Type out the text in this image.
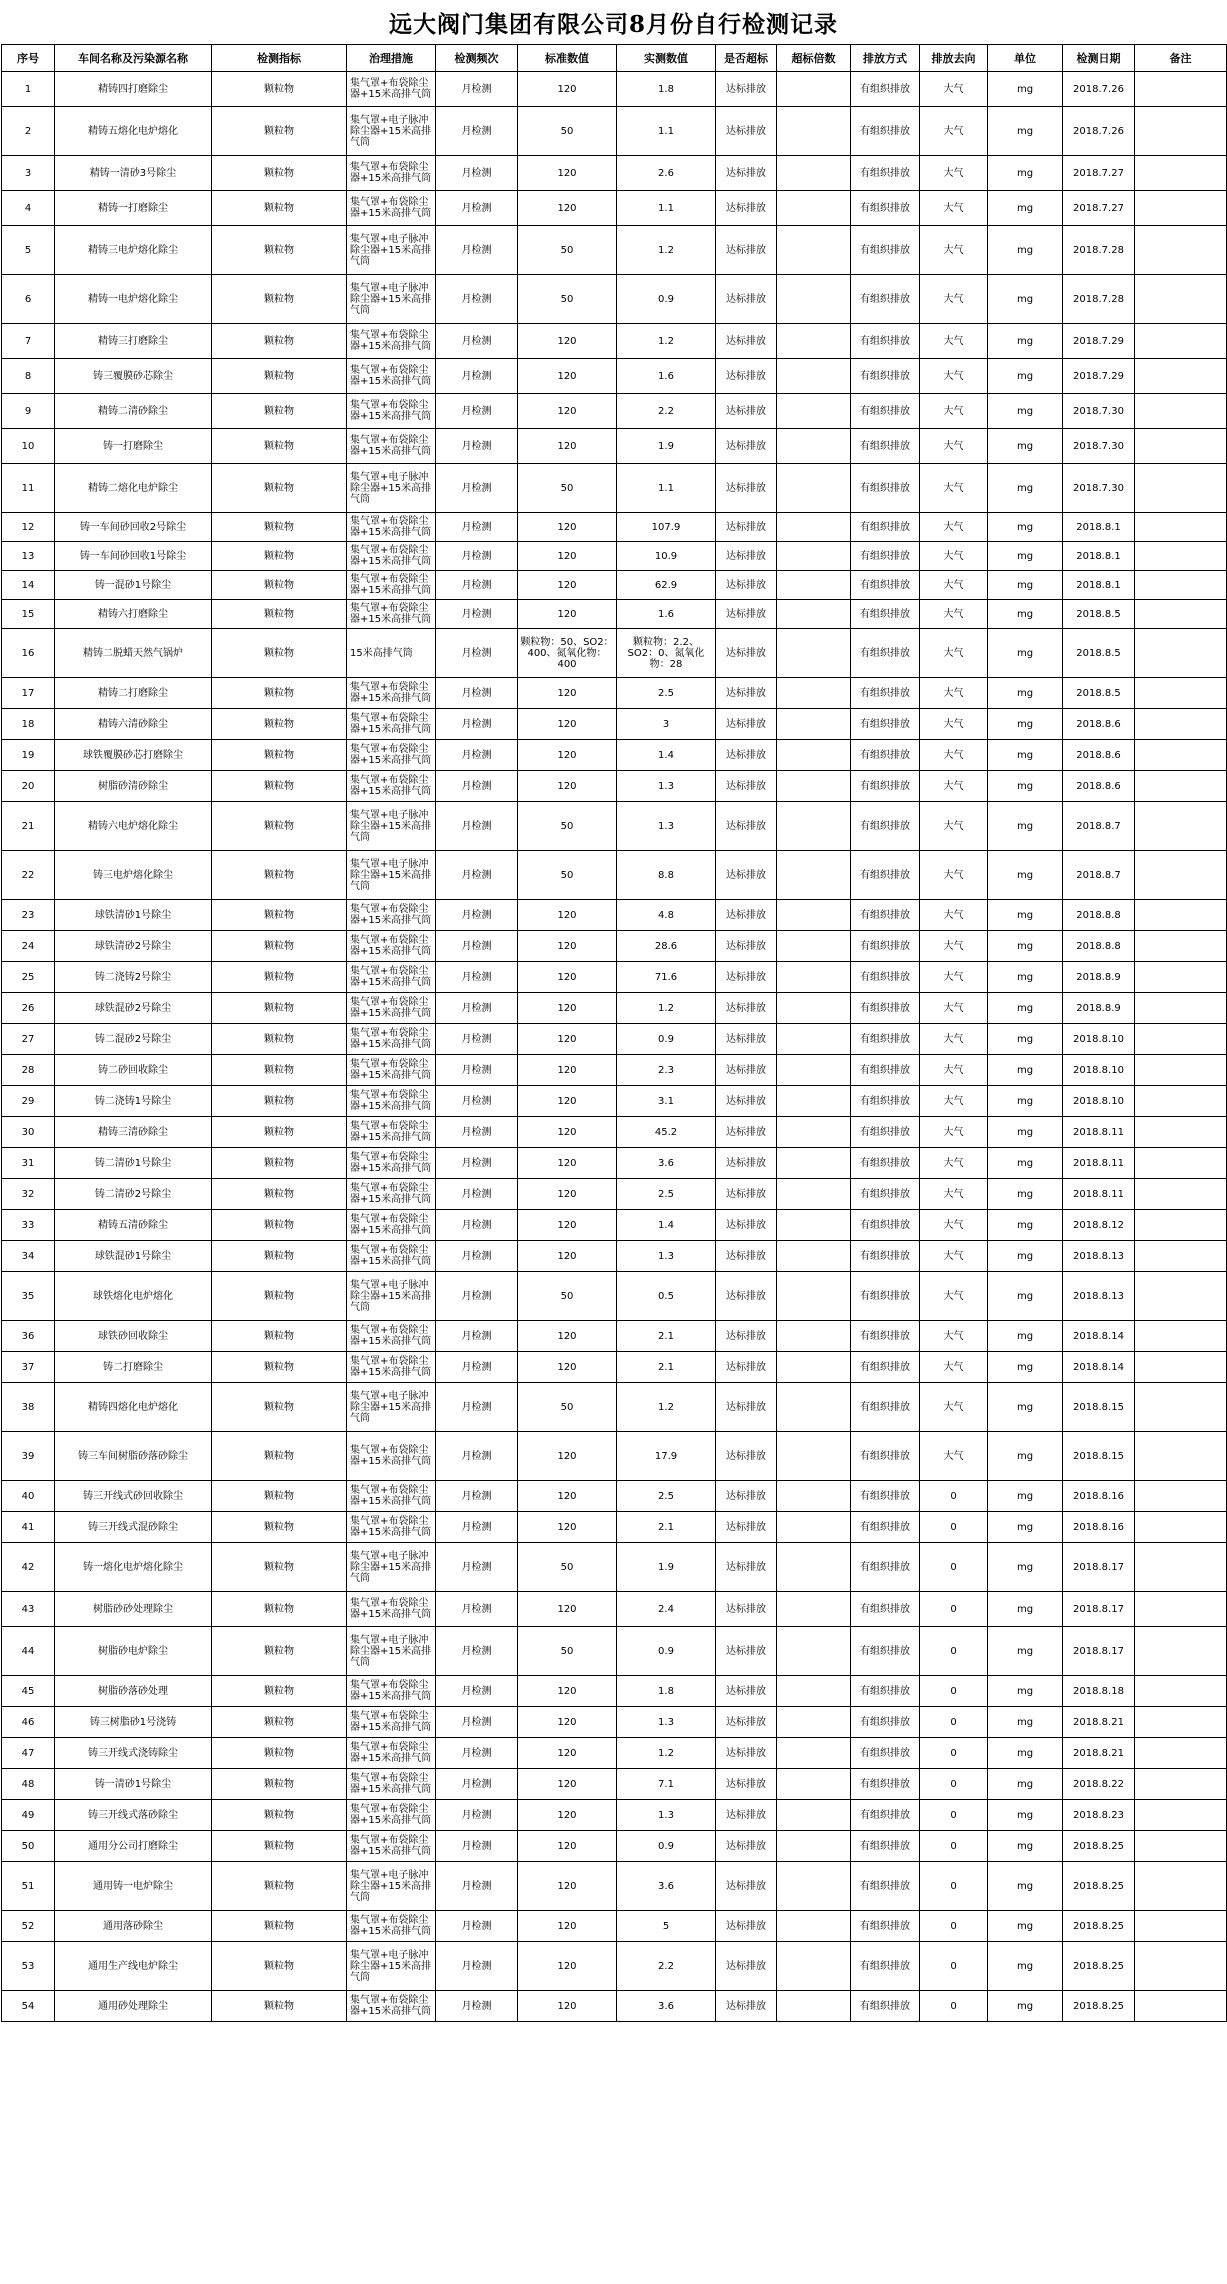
远大阀门集团有限公司8月份自行检测记录
序号	车间名称及污染源名称	检测指标	治理措施	检测频次	标准数值	实测数值	是否超标	超标倍数	排放方式	排放去向	单位	检测日期	备注
1	精铸四打磨除尘	颗粒物	集气罩+布袋除尘器+15米高排气筒	月检测	120	1.8	达标排放		有组织排放	大气	mg	2018.7.26	
2	精铸五熔化电炉熔化	颗粒物	集气罩+电子脉冲除尘器+15米高排气筒	月检测	50	1.1	达标排放		有组织排放	大气	mg	2018.7.26	
3	精铸一清砂3号除尘	颗粒物	集气罩+布袋除尘器+15米高排气筒	月检测	120	2.6	达标排放		有组织排放	大气	mg	2018.7.27	
4	精铸一打磨除尘	颗粒物	集气罩+布袋除尘器+15米高排气筒	月检测	120	1.1	达标排放		有组织排放	大气	mg	2018.7.27	
5	精铸三电炉熔化除尘	颗粒物	集气罩+电子脉冲除尘器+15米高排气筒	月检测	50	1.2	达标排放		有组织排放	大气	mg	2018.7.28	
6	精铸一电炉熔化除尘	颗粒物	集气罩+电子脉冲除尘器+15米高排气筒	月检测	50	0.9	达标排放		有组织排放	大气	mg	2018.7.28	
7	精铸三打磨除尘	颗粒物	集气罩+布袋除尘器+15米高排气筒	月检测	120	1.2	达标排放		有组织排放	大气	mg	2018.7.29	
8	铸三覆膜砂芯除尘	颗粒物	集气罩+布袋除尘器+15米高排气筒	月检测	120	1.6	达标排放		有组织排放	大气	mg	2018.7.29	
9	精铸二清砂除尘	颗粒物	集气罩+布袋除尘器+15米高排气筒	月检测	120	2.2	达标排放		有组织排放	大气	mg	2018.7.30	
10	铸一打磨除尘	颗粒物	集气罩+布袋除尘器+15米高排气筒	月检测	120	1.9	达标排放		有组织排放	大气	mg	2018.7.30	
11	精铸二熔化电炉除尘	颗粒物	集气罩+电子脉冲除尘器+15米高排气筒	月检测	50	1.1	达标排放		有组织排放	大气	mg	2018.7.30	
12	铸一车间砂回收2号除尘	颗粒物	集气罩+布袋除尘器+15米高排气筒	月检测	120	107.9	达标排放		有组织排放	大气	mg	2018.8.1	
13	铸一车间砂回收1号除尘	颗粒物	集气罩+布袋除尘器+15米高排气筒	月检测	120	10.9	达标排放		有组织排放	大气	mg	2018.8.1	
14	铸一混砂1号除尘	颗粒物	集气罩+布袋除尘器+15米高排气筒	月检测	120	62.9	达标排放		有组织排放	大气	mg	2018.8.1	
15	精铸六打磨除尘	颗粒物	集气罩+布袋除尘器+15米高排气筒	月检测	120	1.6	达标排放		有组织排放	大气	mg	2018.8.5	
16	精铸二脱蜡天然气锅炉	颗粒物	15米高排气筒	月检测	颗粒物：50、SO2：400、氮氧化物：400	颗粒物：2.2、SO2：0、氮氧化物：28	达标排放		有组织排放	大气	mg	2018.8.5	
17	精铸二打磨除尘	颗粒物	集气罩+布袋除尘器+15米高排气筒	月检测	120	2.5	达标排放		有组织排放	大气	mg	2018.8.5	
18	精铸六清砂除尘	颗粒物	集气罩+布袋除尘器+15米高排气筒	月检测	120	3	达标排放		有组织排放	大气	mg	2018.8.6	
19	球铁覆膜砂芯打磨除尘	颗粒物	集气罩+布袋除尘器+15米高排气筒	月检测	120	1.4	达标排放		有组织排放	大气	mg	2018.8.6	
20	树脂砂清砂除尘	颗粒物	集气罩+布袋除尘器+15米高排气筒	月检测	120	1.3	达标排放		有组织排放	大气	mg	2018.8.6	
21	精铸六电炉熔化除尘	颗粒物	集气罩+电子脉冲除尘器+15米高排气筒	月检测	50	1.3	达标排放		有组织排放	大气	mg	2018.8.7	
22	铸三电炉熔化除尘	颗粒物	集气罩+电子脉冲除尘器+15米高排气筒	月检测	50	8.8	达标排放		有组织排放	大气	mg	2018.8.7	
23	球铁清砂1号除尘	颗粒物	集气罩+布袋除尘器+15米高排气筒	月检测	120	4.8	达标排放		有组织排放	大气	mg	2018.8.8	
24	球铁清砂2号除尘	颗粒物	集气罩+布袋除尘器+15米高排气筒	月检测	120	28.6	达标排放		有组织排放	大气	mg	2018.8.8	
25	铸二浇铸2号除尘	颗粒物	集气罩+布袋除尘器+15米高排气筒	月检测	120	71.6	达标排放		有组织排放	大气	mg	2018.8.9	
26	球铁混砂2号除尘	颗粒物	集气罩+布袋除尘器+15米高排气筒	月检测	120	1.2	达标排放		有组织排放	大气	mg	2018.8.9	
27	铸二混砂2号除尘	颗粒物	集气罩+布袋除尘器+15米高排气筒	月检测	120	0.9	达标排放		有组织排放	大气	mg	2018.8.10	
28	铸二砂回收除尘	颗粒物	集气罩+布袋除尘器+15米高排气筒	月检测	120	2.3	达标排放		有组织排放	大气	mg	2018.8.10	
29	铸二浇铸1号除尘	颗粒物	集气罩+布袋除尘器+15米高排气筒	月检测	120	3.1	达标排放		有组织排放	大气	mg	2018.8.10	
30	精铸三清砂除尘	颗粒物	集气罩+布袋除尘器+15米高排气筒	月检测	120	45.2	达标排放		有组织排放	大气	mg	2018.8.11	
31	铸二清砂1号除尘	颗粒物	集气罩+布袋除尘器+15米高排气筒	月检测	120	3.6	达标排放		有组织排放	大气	mg	2018.8.11	
32	铸二清砂2号除尘	颗粒物	集气罩+布袋除尘器+15米高排气筒	月检测	120	2.5	达标排放		有组织排放	大气	mg	2018.8.11	
33	精铸五清砂除尘	颗粒物	集气罩+布袋除尘器+15米高排气筒	月检测	120	1.4	达标排放		有组织排放	大气	mg	2018.8.12	
34	球铁混砂1号除尘	颗粒物	集气罩+布袋除尘器+15米高排气筒	月检测	120	1.3	达标排放		有组织排放	大气	mg	2018.8.13	
35	球铁熔化电炉熔化	颗粒物	集气罩+电子脉冲除尘器+15米高排气筒	月检测	50	0.5	达标排放		有组织排放	大气	mg	2018.8.13	
36	球铁砂回收除尘	颗粒物	集气罩+布袋除尘器+15米高排气筒	月检测	120	2.1	达标排放		有组织排放	大气	mg	2018.8.14	
37	铸二打磨除尘	颗粒物	集气罩+布袋除尘器+15米高排气筒	月检测	120	2.1	达标排放		有组织排放	大气	mg	2018.8.14	
38	精铸四熔化电炉熔化	颗粒物	集气罩+电子脉冲除尘器+15米高排气筒	月检测	50	1.2	达标排放		有组织排放	大气	mg	2018.8.15	
39	铸三车间树脂砂落砂除尘	颗粒物	集气罩+布袋除尘器+15米高排气筒	月检测	120	17.9	达标排放		有组织排放	大气	mg	2018.8.15	
40	铸三开线式砂回收除尘	颗粒物	集气罩+布袋除尘器+15米高排气筒	月检测	120	2.5	达标排放		有组织排放	0	mg	2018.8.16	
41	铸三开线式混砂除尘	颗粒物	集气罩+布袋除尘器+15米高排气筒	月检测	120	2.1	达标排放		有组织排放	0	mg	2018.8.16	
42	铸一熔化电炉熔化除尘	颗粒物	集气罩+电子脉冲除尘器+15米高排气筒	月检测	50	1.9	达标排放		有组织排放	0	mg	2018.8.17	
43	树脂砂砂处理除尘	颗粒物	集气罩+布袋除尘器+15米高排气筒	月检测	120	2.4	达标排放		有组织排放	0	mg	2018.8.17	
44	树脂砂电炉除尘	颗粒物	集气罩+电子脉冲除尘器+15米高排气筒	月检测	50	0.9	达标排放		有组织排放	0	mg	2018.8.17	
45	树脂砂落砂处理	颗粒物	集气罩+布袋除尘器+15米高排气筒	月检测	120	1.8	达标排放		有组织排放	0	mg	2018.8.18	
46	铸三树脂砂1号浇铸	颗粒物	集气罩+布袋除尘器+15米高排气筒	月检测	120	1.3	达标排放		有组织排放	0	mg	2018.8.21	
47	铸三开线式浇铸除尘	颗粒物	集气罩+布袋除尘器+15米高排气筒	月检测	120	1.2	达标排放		有组织排放	0	mg	2018.8.21	
48	铸一清砂1号除尘	颗粒物	集气罩+布袋除尘器+15米高排气筒	月检测	120	7.1	达标排放		有组织排放	0	mg	2018.8.22	
49	铸三开线式落砂除尘	颗粒物	集气罩+布袋除尘器+15米高排气筒	月检测	120	1.3	达标排放		有组织排放	0	mg	2018.8.23	
50	通用分公司打磨除尘	颗粒物	集气罩+布袋除尘器+15米高排气筒	月检测	120	0.9	达标排放		有组织排放	0	mg	2018.8.25	
51	通用铸一电炉除尘	颗粒物	集气罩+电子脉冲除尘器+15米高排气筒	月检测	120	3.6	达标排放		有组织排放	0	mg	2018.8.25	
52	通用落砂除尘	颗粒物	集气罩+布袋除尘器+15米高排气筒	月检测	120	5	达标排放		有组织排放	0	mg	2018.8.25	
53	通用生产线电炉除尘	颗粒物	集气罩+电子脉冲除尘器+15米高排气筒	月检测	120	2.2	达标排放		有组织排放	0	mg	2018.8.25	
54	通用砂处理除尘	颗粒物	集气罩+布袋除尘器+15米高排气筒	月检测	120	3.6	达标排放		有组织排放	0	mg	2018.8.25	
